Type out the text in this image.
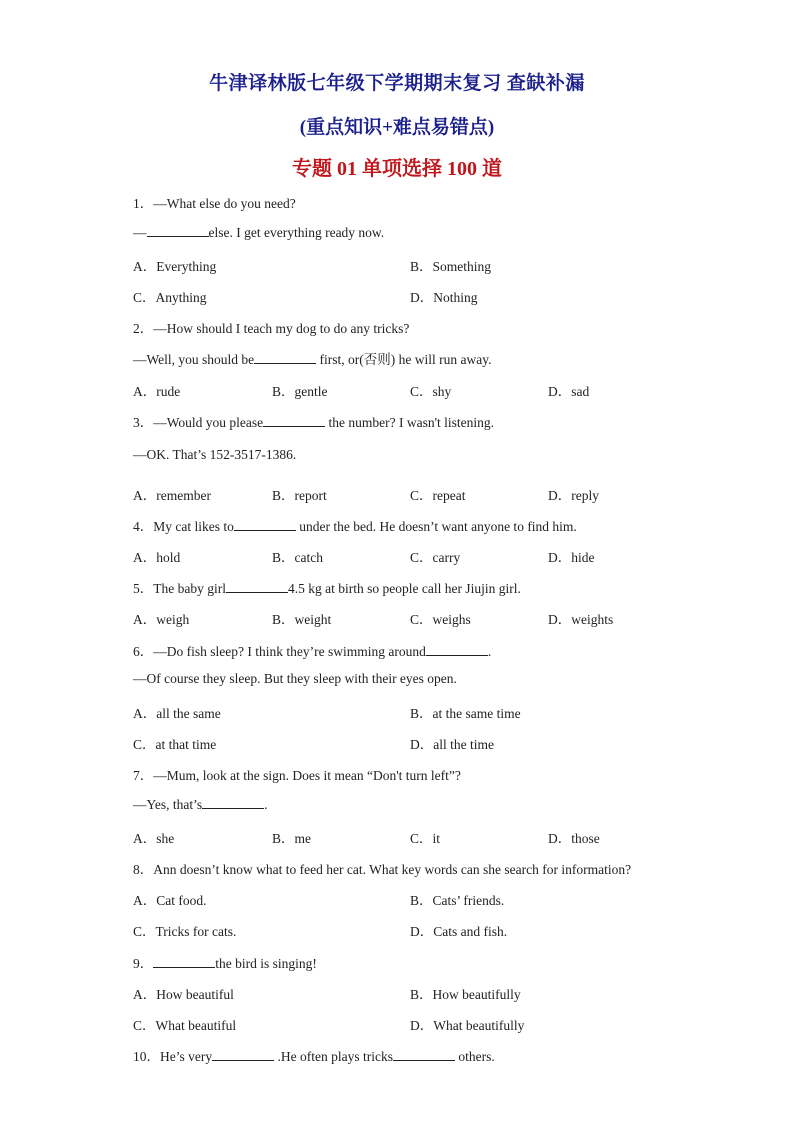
牛津译林版七年级下学期期末复习 查缺补漏
(重点知识+难点易错点)
专题 01 单项选择 100 道
1．—What else do you need?
—	else. I get everything ready now.
A．Everything	B．Something
C．Anything	D．Nothing
2．—How should I teach my dog to do any tricks?
—Well, you should be	first, or(否则) he will run away.
A．rude	B．gentle	C．shy	D．sad
3．—Would you please	the number? I wasn't listening.
—OK. That’s 152-3517-1386.
A．remember	B．report	C．repeat	D．reply
4．My cat likes to	under the bed. He doesn’t want anyone to find him.
A．hold	B．catch	C．carry	D．hide
5．The baby girl	4.5 kg at birth so people call her Jiujin girl.
A．weigh	B．weight	C．weighs	D．weights
6．—Do fish sleep? I think they’re swimming around	.
—Of course they sleep. But they sleep with their eyes open.
A．all the same	B．at the same time
C．at that time	D．all the time
7．—Mum, look at the sign. Does it mean “Don't turn left”?
—Yes, that’s	.
A．she	B．me	C．it	D．those
8．Ann doesn’t know what to feed her cat. What key words can she search for information?
A．Cat food.	B．Cats’ friends.
C．Tricks for cats.	D．Cats and fish.
9．	the bird is singing!
A．How beautiful	B．How beautifully
C．What beautiful	D．What beautifully
10．He’s very	.He often plays tricks	others.
